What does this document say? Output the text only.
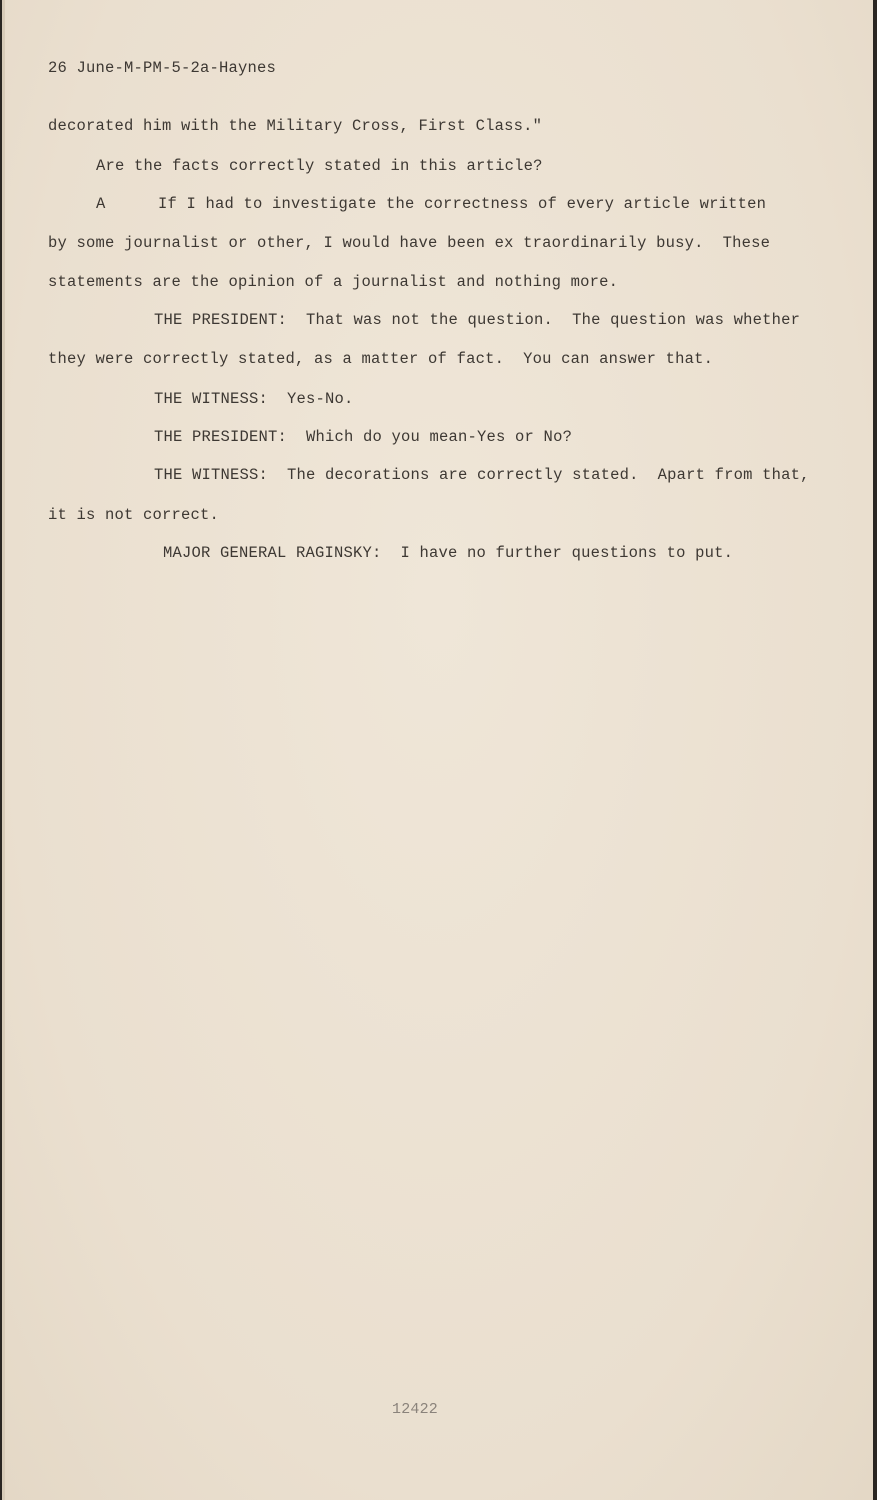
26 June-M-PM-5-2a-Haynes
decorated him with the Military Cross, First Class."
Are the facts correctly stated in this article?
A	If I had to investigate the correctness of every article written
by some journalist or other, I would have been ex traordinarily busy.  These
statements are the opinion of a journalist and nothing more.
THE PRESIDENT:  That was not the question.  The question was whether
they were correctly stated, as a matter of fact.  You can answer that.
THE WITNESS:  Yes-No.
THE PRESIDENT:  Which do you mean-Yes or No?
THE WITNESS:  The decorations are correctly stated.  Apart from that,
it is not correct.
MAJOR GENERAL RAGINSKY:  I have no further questions to put.
12422
